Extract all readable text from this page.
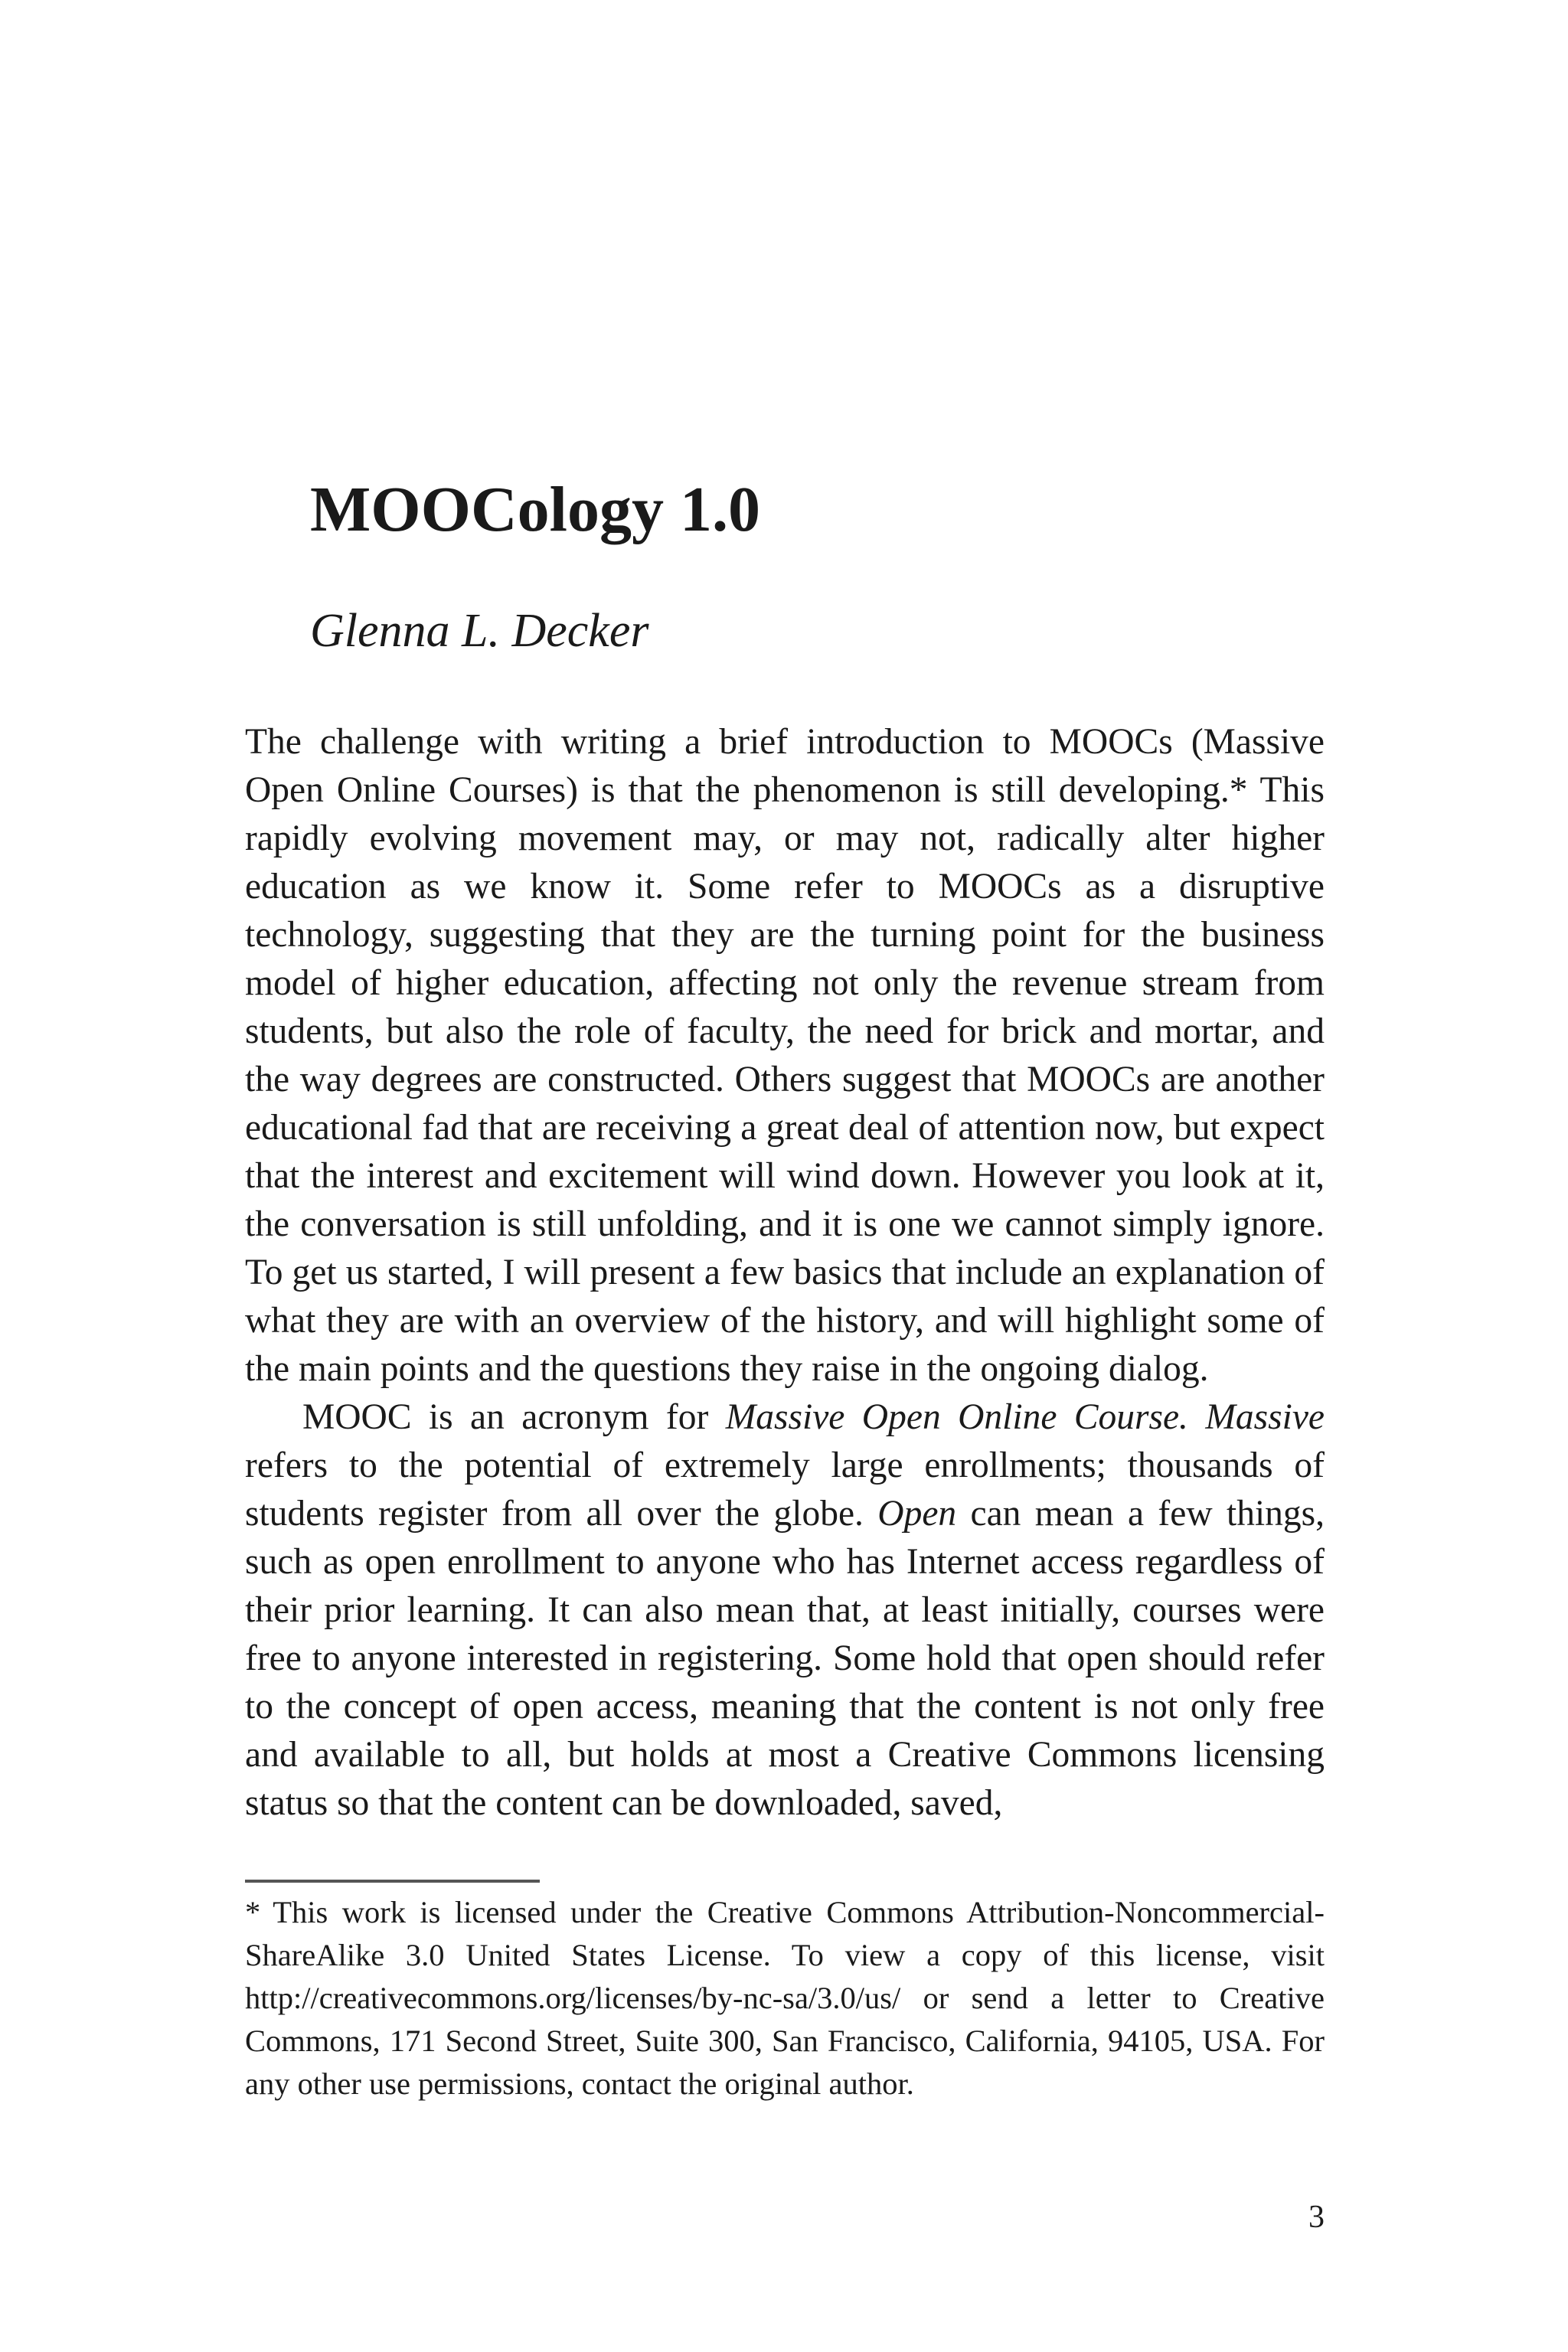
MOOCology 1.0
Glenna L. Decker

The challenge with writing a brief introduction to MOOCs (Massive Open Online Courses) is that the phenomenon is still developing.* This rapidly evolving movement may, or may not, radically alter higher education as we know it. Some refer to MOOCs as a disruptive technology, suggesting that they are the turning point for the business model of higher education, affecting not only the revenue stream from students, but also the role of faculty, the need for brick and mortar, and the way degrees are constructed. Others suggest that MOOCs are another educational fad that are receiving a great deal of attention now, but expect that the interest and excitement will wind down. However you look at it, the conversation is still unfolding, and it is one we cannot simply ignore. To get us started, I will present a few basics that include an explanation of what they are with an overview of the history, and will highlight some of the main points and the questions they raise in the ongoing dialog.

MOOC is an acronym for Massive Open Online Course. Massive refers to the potential of extremely large enrollments; thousands of students register from all over the globe. Open can mean a few things, such as open enrollment to anyone who has Internet access regardless of their prior learning. It can also mean that, at least initially, courses were free to anyone interested in registering. Some hold that open should refer to the concept of open access, meaning that the content is not only free and available to all, but holds at most a Creative Commons licensing status so that the content can be downloaded, saved,

* This work is licensed under the Creative Commons Attribution-Noncommercial-ShareAlike 3.0 United States License. To view a copy of this license, visit http://creativecommons.org/licenses/by-nc-sa/3.0/us/ or send a letter to Creative Commons, 171 Second Street, Suite 300, San Francisco, California, 94105, USA. For any other use permissions, contact the original author.

3
